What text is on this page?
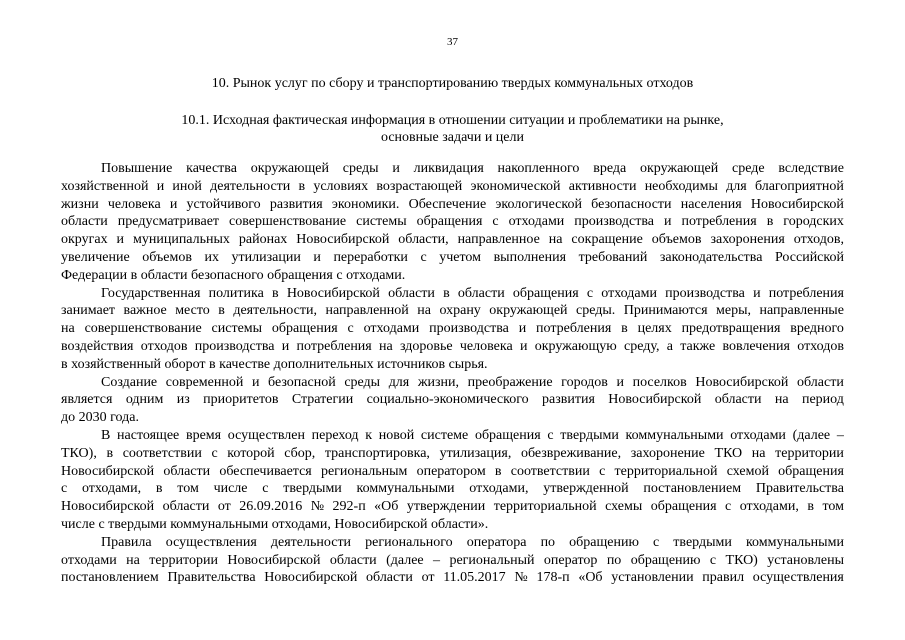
37
10. Рынок услуг по сбору и транспортированию твердых коммунальных отходов
10.1. Исходная фактическая информация в отношении ситуации и проблематики на рынке,
основные задачи и цели
Повышение качества окружающей среды и ликвидация накопленного вреда окружающей среде вследствие
хозяйственной и иной деятельности в условиях возрастающей экономической активности необходимы для благоприятной
жизни человека и устойчивого развития экономики. Обеспечение экологической безопасности населения Новосибирской
области предусматривает совершенствование системы обращения с отходами производства и потребления в городских
округах и муниципальных районах Новосибирской области, направленное на сокращение объемов захоронения отходов,
увеличение объемов их утилизации и переработки с учетом выполнения требований законодательства Российской
Федерации в области безопасного обращения с отходами.
Государственная политика в Новосибирской области в области обращения с отходами производства и потребления
занимает важное место в деятельности, направленной на охрану окружающей среды. Принимаются меры, направленные
на совершенствование системы обращения с отходами производства и потребления в целях предотвращения вредного
воздействия отходов производства и потребления на здоровье человека и окружающую среду, а также вовлечения отходов
в хозяйственный оборот в качестве дополнительных источников сырья.
Создание современной и безопасной среды для жизни, преображение городов и поселков Новосибирской области
является одним из приоритетов Стратегии социально-экономического развития Новосибирской области на период
до 2030 года.
В настоящее время осуществлен переход к новой системе обращения с твердыми коммунальными отходами (далее –
ТКО), в соответствии с которой сбор, транспортировка, утилизация, обезвреживание, захоронение ТКО на территории
Новосибирской области обеспечивается региональным оператором в соответствии с территориальной схемой обращения
с отходами, в том числе с твердыми коммунальными отходами, утвержденной постановлением Правительства
Новосибирской области от 26.09.2016 № 292-п «Об утверждении территориальной схемы обращения с отходами, в том
числе с твердыми коммунальными отходами, Новосибирской области».
Правила осуществления деятельности регионального оператора по обращению с твердыми коммунальными
отходами на территории Новосибирской области (далее – региональный оператор по обращению с ТКО) установлены
постановлением Правительства Новосибирской области от 11.05.2017 № 178-п «Об установлении правил осуществления
